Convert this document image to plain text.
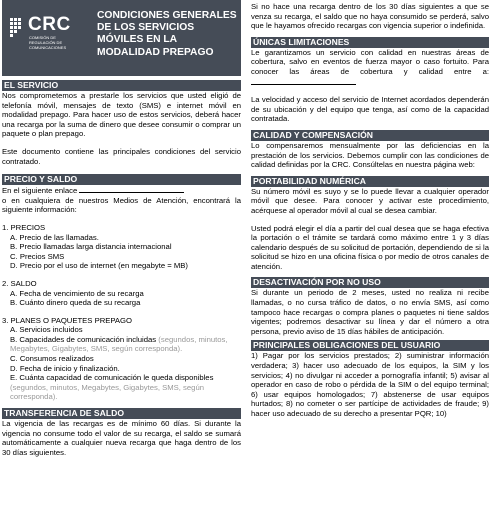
CRC
COMISIÓN DE REGULACIÓN DE COMUNICACIONES
CONDICIONES GENERALES DE LOS SERVICIOS MÓVILES EN LA MODALIDAD PREPAGO
EL SERVICIO

Nos comprometemos a prestarle los servicios que usted eligió de telefonía móvil, mensajes de texto (SMS) e internet móvil en modalidad prepago. Para hacer uso de estos servicios, deberá hacer una recarga por la suma de dinero que desee consumir o comprar un paquete o plan prepago.

Este documento contiene las principales condiciones del servicio contratado.

PRECIO Y SALDO

En el siguiente enlace

o en cualquiera de nuestros Medios de Atención, encontrará la siguiente información:

1. PRECIOS
A. Precio de las llamadas.
B. Precio llamadas larga distancia internacional
C. Precios SMS
D. Precio por el uso de internet (en megabyte = MB)
2. SALDO
A. Fecha de vencimiento de su recarga
B. Cuánto dinero queda de su recarga
3. PLANES O PAQUETES PREPAGO
A. Servicios incluidos
B. Capacidades de comunicación incluidas (segundos, minutos, Megabytes, Gigabytes, SMS, según corresponda).
C. Consumos realizados
D. Fecha de inicio y finalización.
E. Cuánta capacidad de comunicación le queda disponibles (segundos, minutos, Megabytes, Gigabytes, SMS, según corresponda).
TRANSFERENCIA DE SALDO

La vigencia de las recargas es de mínimo 60 días. Si durante la vigencia no consume todo el valor de su recarga, el saldo se sumará automáticamente a cualquier nueva recarga que haga dentro de los 30 días siguientes.

Si no hace una recarga dentro de los 30 días siguientes a que se venza su recarga, el saldo que no haya consumido se perderá, salvo que le hayamos ofrecido recargas con vigencia superior o indefinida.

ÚNICAS LIMITACIONES

Le garantizamos un servicio con calidad en nuestras áreas de cobertura, salvo en eventos de fuerza mayor o caso fortuito. Para conocer las áreas de cobertura y calidad entre a:

La velocidad y acceso del servicio de Internet acordados dependerán de su ubicación y del equipo que tenga, así como de la capacidad contratada.

CALIDAD Y COMPENSACIÓN

Lo compensaremos mensualmente por las deficiencias en la prestación de los servicios. Debemos cumplir con las condiciones de calidad definidas por la CRC. Consúltelas en nuestra página web:

PORTABILIDAD NUMÉRICA

Su número móvil es suyo y se lo puede llevar a cualquier operador móvil que desee. Para conocer y activar este procedimiento, acérquese al operador móvil al cual se desea cambiar.

Usted podrá elegir el día a partir del cual desea que se haga efectiva la portación o el trámite se tardará como máximo entre 1 y 3 días calendario después de su solicitud de portación, dependiendo de si la solicitud se hizo en una oficina física o por medio de otros canales de atención.

DESACTIVACIÓN POR NO USO

Si durante un periodo de 2 meses, usted no realiza ni recibe llamadas, o no cursa tráfico de datos, o no envía SMS, así como tampoco hace recargas o compra planes o paquetes ni tiene saldos vigentes; podremos desactivar su línea y dar el número a otra persona, previo aviso de 15 días hábiles de anticipación.

PRINCIPALES OBLIGACIONES DEL USUARIO

1) Pagar por los servicios prestados; 2) suministrar información verdadera; 3) hacer uso adecuado de los equipos, la SIM y los servicios; 4) no divulgar ni acceder a pornografía infantil; 5) avisar al operador en caso de robo o pérdida de la SIM o del equipo terminal; 6) usar equipos homologados; 7) abstenerse de usar equipos hurtados; 8) no cometer o ser partícipe de actividades de fraude; 9) hacer uso adecuado de su derecho a presentar PQR; 10)
